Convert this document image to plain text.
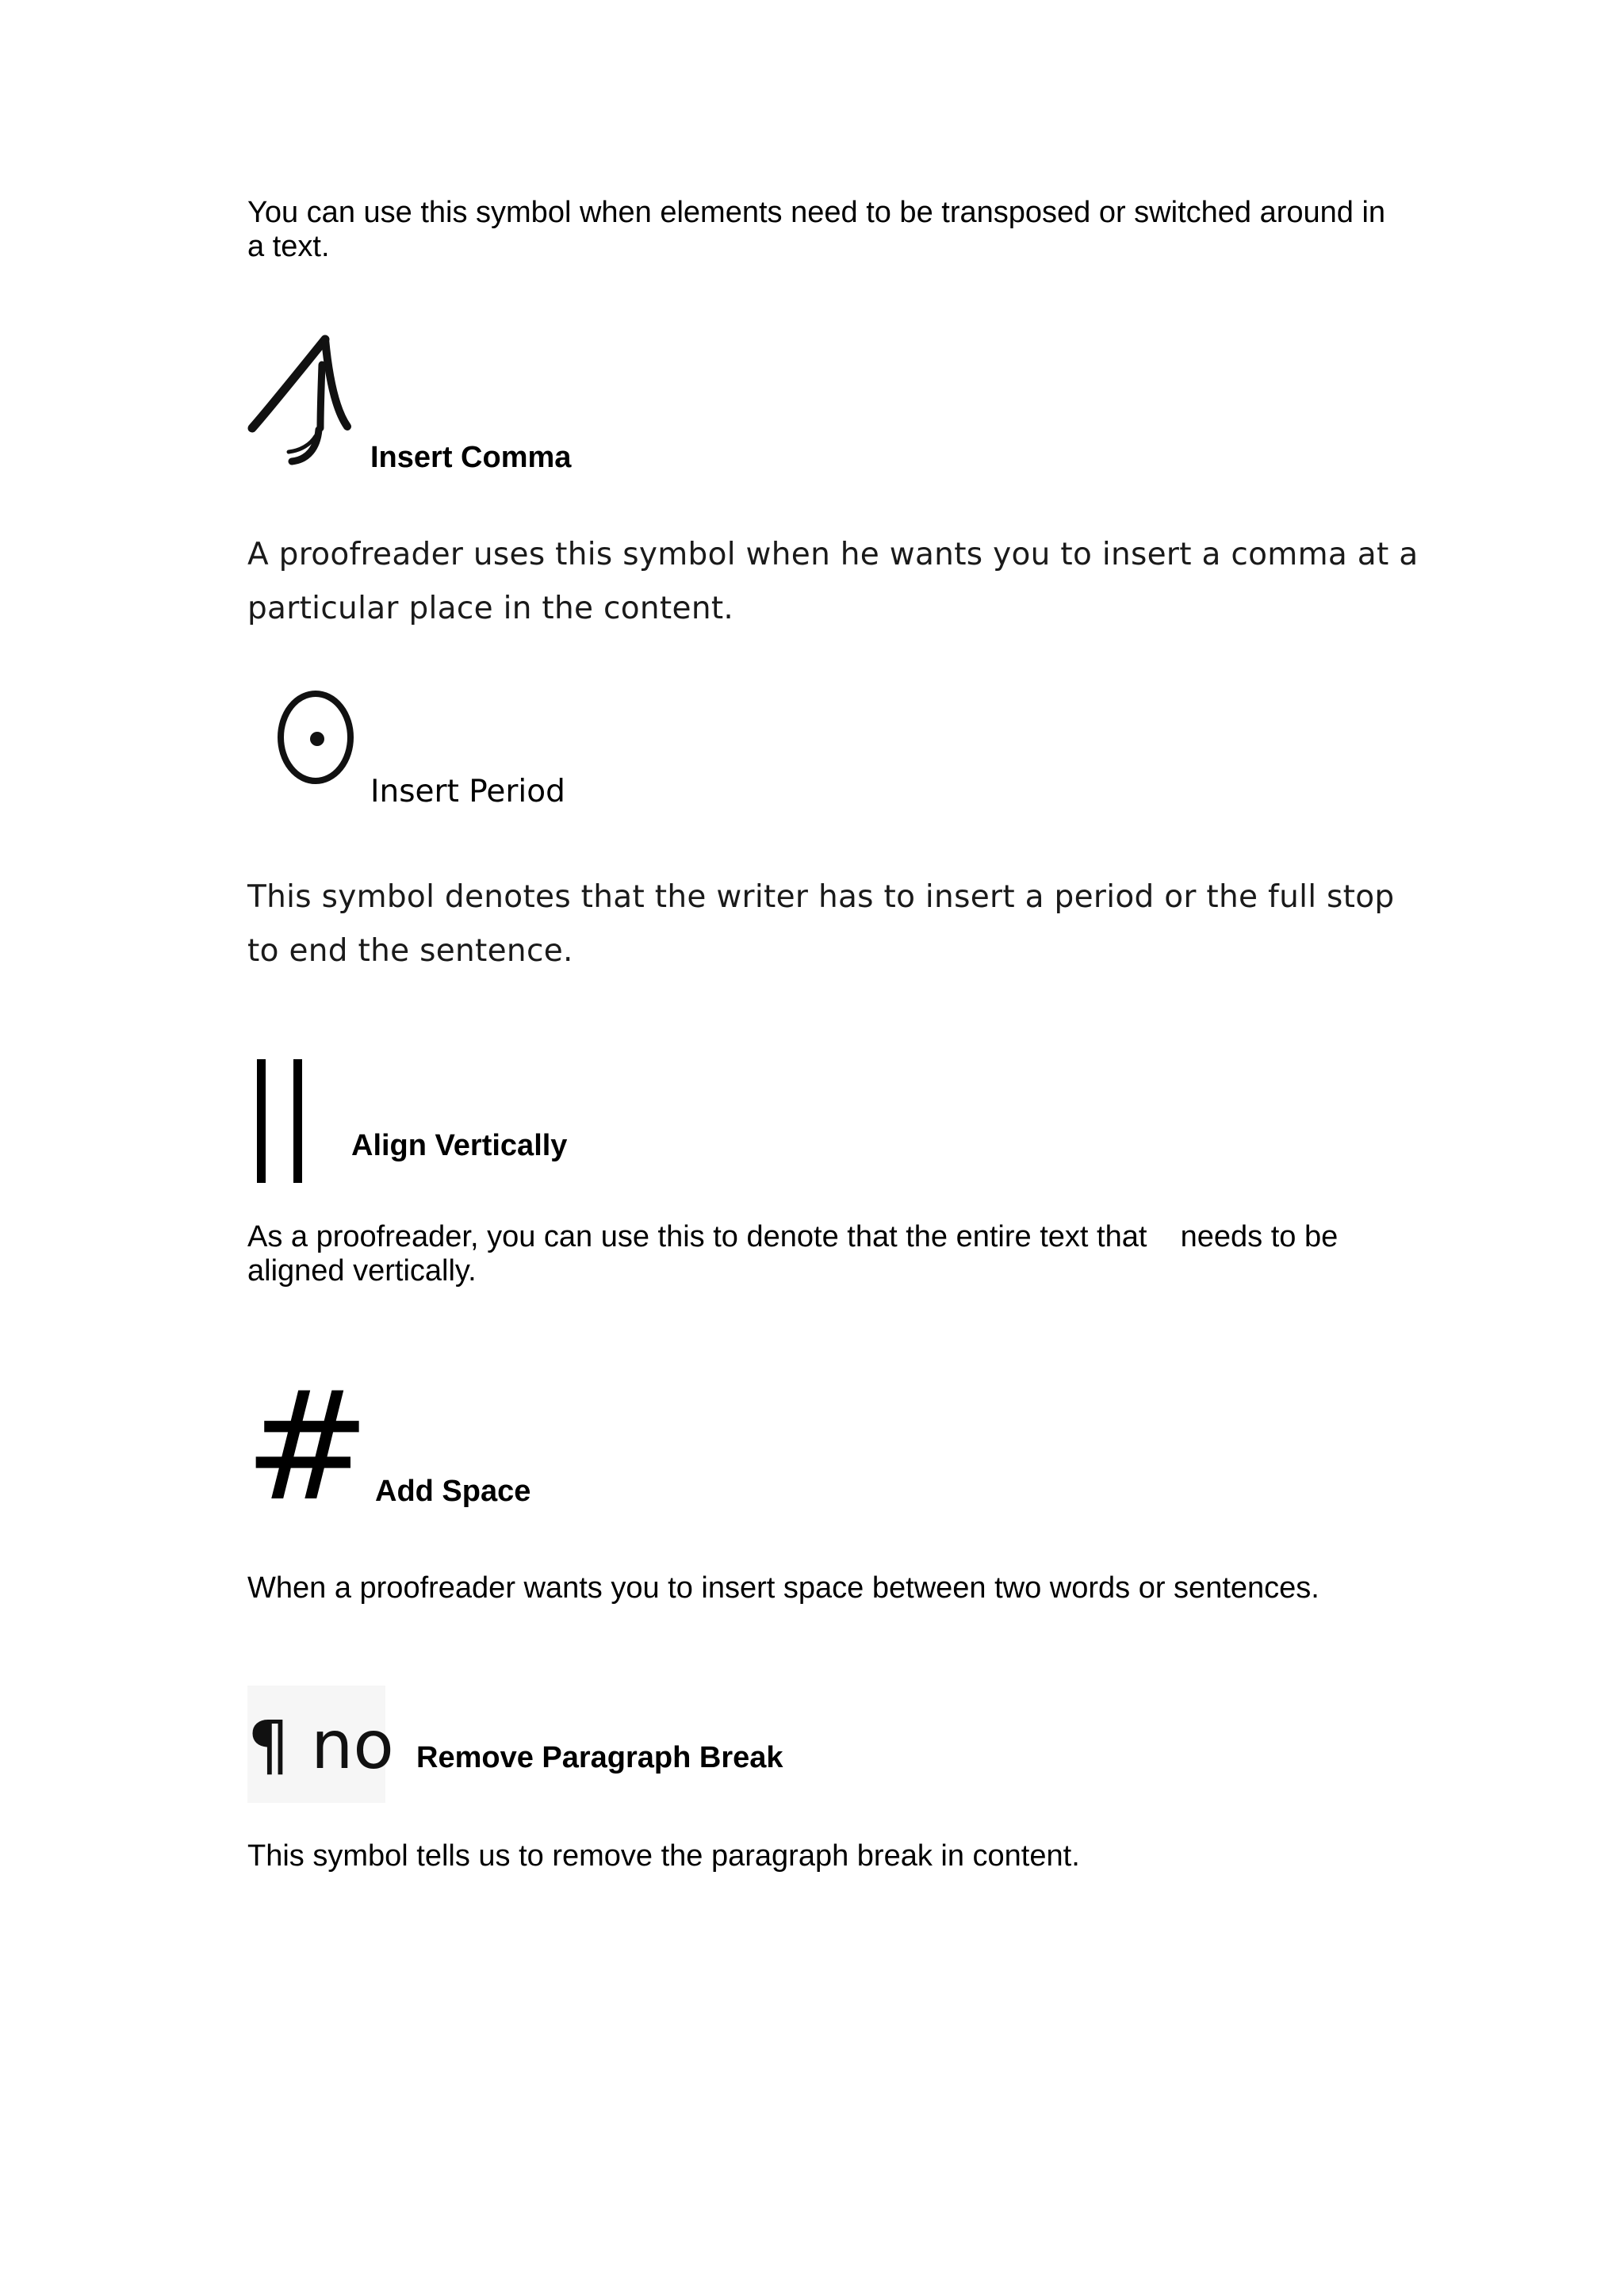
You can use this symbol when elements need to be transposed or switched around in a text.

Insert Comma

A proofreader uses this symbol when he wants you to insert a comma at a particular place in the content.

Insert Period

This symbol denotes that the writer has to insert a period or the full stop to end the sentence.

Align Vertically

As a proofreader, you can use this to denote that the entire text that    needs to be aligned vertically.

# Add Space

When a proofreader wants you to insert space between two words or sentences.

¶ no Remove Paragraph Break

This symbol tells us to remove the paragraph break in content.
